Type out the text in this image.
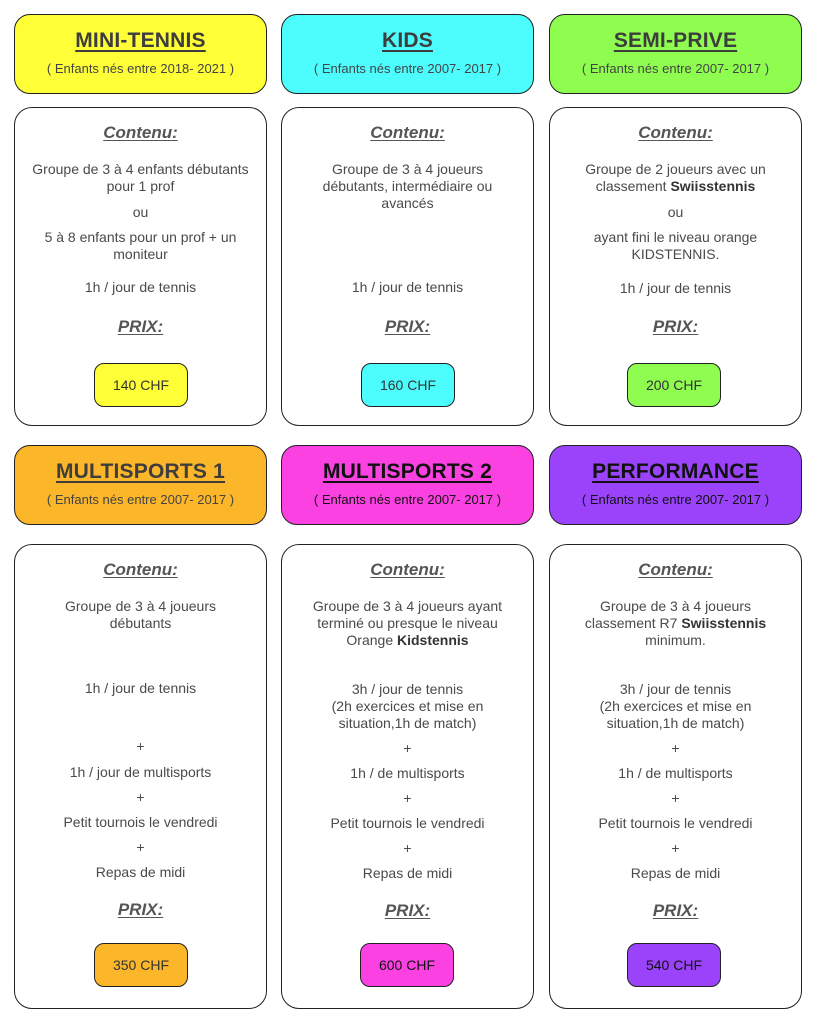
MINI-TENNIS
( Enfants nés entre 2018- 2021 )
KIDS
( Enfants nés entre 2007- 2017 )
SEMI-PRIVE
( Enfants nés entre 2007- 2017 )
Contenu:
Groupe de 3 à 4 enfants débutants pour 1 prof
ou
5 à 8 enfants pour un prof + un moniteur
1h / jour de tennis
PRIX:
140 CHF
Contenu:
Groupe de 3 à 4 joueurs débutants, intermédiaire ou avancés
1h / jour de tennis
PRIX:
160 CHF
Contenu:
Groupe de 2 joueurs avec un classement Swiisstennis
ou
ayant fini le niveau orange KIDSTENNIS.
1h / jour de tennis
PRIX:
200 CHF
MULTISPORTS 1
( Enfants nés entre 2007- 2017 )
MULTISPORTS 2
( Enfants nés entre 2007- 2017 )
PERFORMANCE
( Enfants nés entre 2007- 2017 )
Contenu:
Groupe de 3 à 4 joueurs débutants
1h / jour de tennis
+
1h / jour de multisports
+
Petit tournois le vendredi
+
Repas de midi
PRIX:
350 CHF
Contenu:
Groupe de 3 à 4 joueurs ayant terminé ou presque le niveau Orange Kidstennis
3h / jour de tennis
(2h exercices et mise en situation,1h de match)
+
1h / de multisports
+
Petit tournois le vendredi
+
Repas de midi
PRIX:
600 CHF
Contenu:
Groupe de 3 à 4 joueurs classement R7 Swiisstennis minimum.
3h / jour de tennis
(2h exercices et mise en situation,1h de match)
+
1h / de multisports
+
Petit tournois le vendredi
+
Repas de midi
PRIX:
540 CHF
